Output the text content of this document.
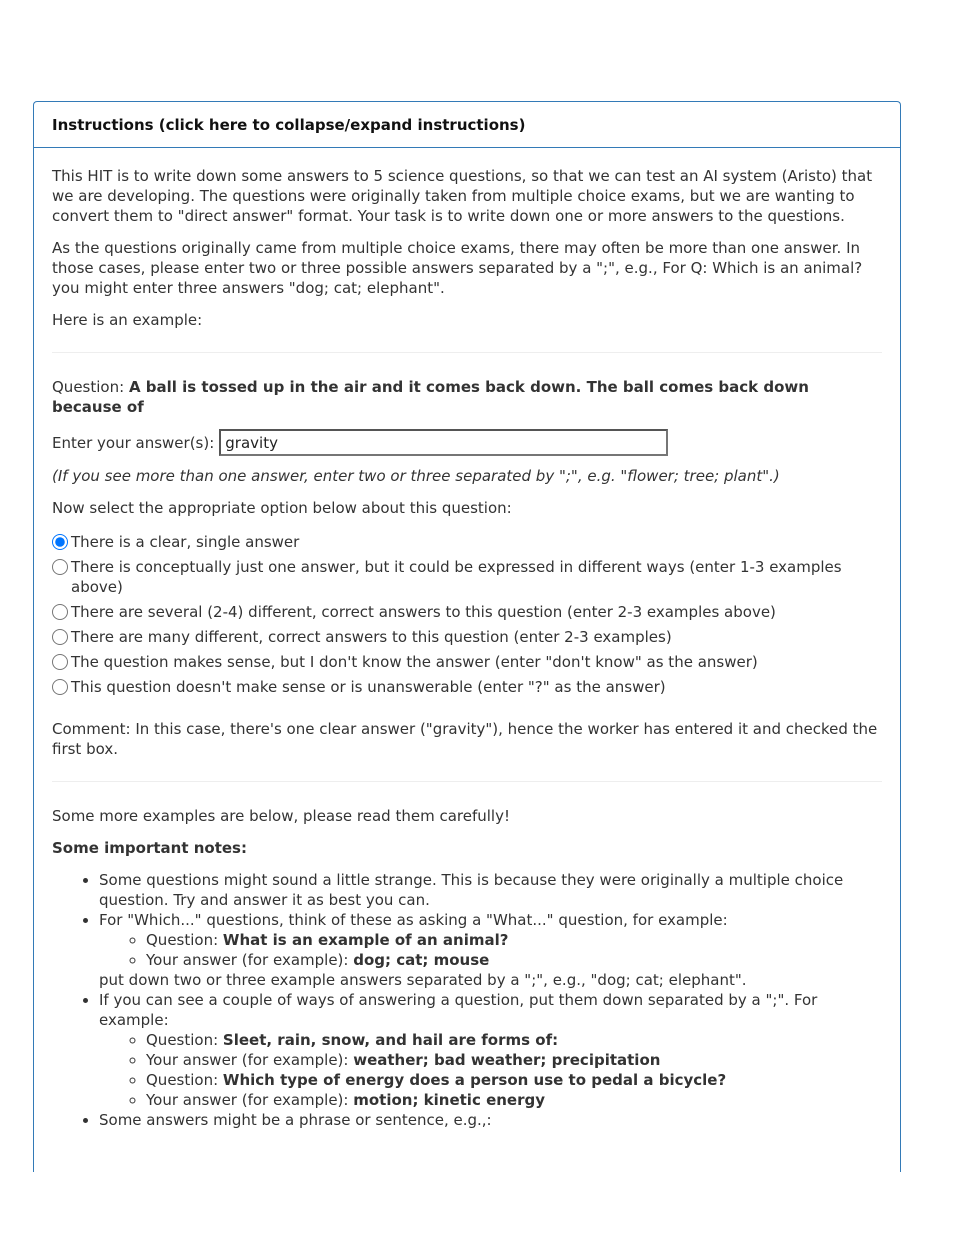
Instructions (click here to collapse/expand instructions)

This HIT is to write down some answers to 5 science questions, so that we can test an AI system (Aristo) that we are developing. The questions were originally taken from multiple choice exams, but we are wanting to convert them to "direct answer" format. Your task is to write down one or more answers to the questions.

As the questions originally came from multiple choice exams, there may often be more than one answer. In those cases, please enter two or three possible answers separated by a ";", e.g., For Q: Which is an animal? you might enter three answers "dog; cat; elephant".

Here is an example:

Question: A ball is tossed up in the air and it comes back down. The ball comes back down because of
Enter your answer(s):
gravity
(If you see more than one answer, enter two or three separated by ";", e.g. "flower; tree; plant".)
Now select the appropriate option below about this question:
There is a clear, single answer
There is conceptually just one answer, but it could be expressed in different ways (enter 1-3 examples above)
There are several (2-4) different, correct answers to this question (enter 2-3 examples above)
There are many different, correct answers to this question (enter 2-3 examples)
The question makes sense, but I don't know the answer (enter "don't know" as the answer)
This question doesn't make sense or is unanswerable (enter "?" as the answer)

Comment: In this case, there's one clear answer ("gravity"), hence the worker has entered it and checked the first box.

Some more examples are below, please read them carefully!

Some important notes:

• Some questions might sound a little strange. This is because they were originally a multiple choice question. Try and answer it as best you can.
• For "Which..." questions, think of these as asking a "What..." question, for example:
◦ Question: What is an example of an animal?
◦ Your answer (for example): dog; cat; mouse
put down two or three example answers separated by a ";", e.g., "dog; cat; elephant".
• If you can see a couple of ways of answering a question, put them down separated by a ";". For example:
◦ Question: Sleet, rain, snow, and hail are forms of:
◦ Your answer (for example): weather; bad weather; precipitation
◦ Question: Which type of energy does a person use to pedal a bicycle?
◦ Your answer (for example): motion; kinetic energy
• Some answers might be a phrase or sentence, e.g.,:
